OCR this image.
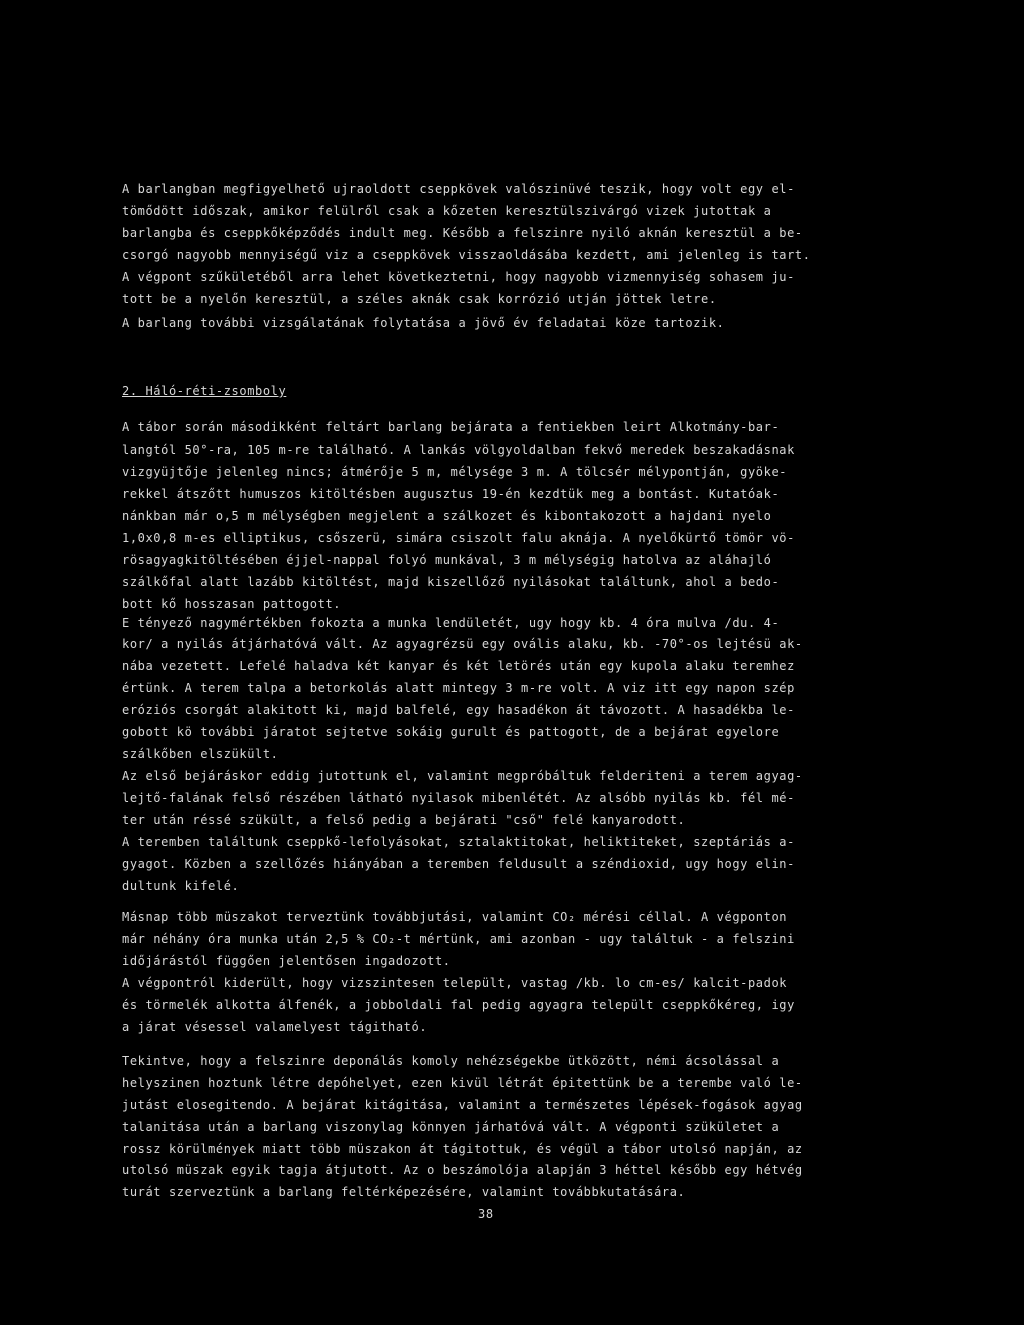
A barlangban megfigyelhető ujraoldott cseppkövek valószinüvé teszik, hogy volt egy el-
tömődött időszak, amikor felülről csak a kőzeten keresztülszivárgó vizek jutottak a
barlangba és cseppkőképződés indult meg. Később a felszinre nyiló aknán keresztül a be-
csorgó nagyobb mennyiségű viz a cseppkövek visszaoldásába kezdett, ami jelenleg is tart.
A végpont szűkületéből arra lehet következtetni, hogy nagyobb vizmennyiség sohasem ju-
tott be a nyelőn keresztül, a széles aknák csak korrózió utján jöttek letre.
A barlang további vizsgálatának folytatása a jövő év feladatai köze tartozik.
2. Háló-réti-zsomboly
A tábor során másodikként feltárt barlang bejárata a fentiekben leirt Alkotmány-bar-
langtól 50°-ra, 105 m-re található. A lankás völgyoldalban fekvő meredek beszakadásnak
vizgyüjtője jelenleg nincs; átmérője 5 m, mélysége 3 m. A tölcsér mélypontján, gyöke-
rekkel átszőtt humuszos kitöltésben augusztus 19-én kezdtük meg a bontást. Kutatóak-
nánkban már o,5 m mélységben megjelent a szálkozet és kibontakozott a hajdani nyelo
1,0x0,8 m-es elliptikus, csőszerü, simára csiszolt falu aknája. A nyelőkürtő tömör vö-
rösagyagkitöltésében éjjel-nappal folyó munkával, 3 m mélységig hatolva az aláhajló
szálkőfal alatt lazább kitöltést, majd kiszellőző nyilásokat találtunk, ahol a bedo-
bott kő hosszasan pattogott.
E tényező nagymértékben fokozta a munka lendületét, ugy hogy kb. 4 óra mulva /du. 4-
kor/ a nyilás átjárhatóvá vált. Az agyagrézsü egy ovális alaku, kb. -70°-os lejtésü ak-
nába vezetett. Lefelé haladva két kanyar és két letörés után egy kupola alaku teremhez
értünk. A terem talpa a betorkolás alatt mintegy 3 m-re volt. A viz itt egy napon szép
eróziós csorgát alakitott ki, majd balfelé, egy hasadékon át távozott. A hasadékba le-
gobott kö további járatot sejtetve sokáig gurult és pattogott, de a bejárat egyelore
szálkőben elszükült.
Az első bejáráskor eddig jutottunk el, valamint megpróbáltuk felderiteni a terem agyag-
lejtő-falának felső részében látható nyilasok mibenlétét. Az alsóbb nyilás kb. fél mé-
ter után réssé szükült, a felső pedig a bejárati "cső" felé kanyarodott.
A teremben találtunk cseppkő-lefolyásokat, sztalaktitokat, heliktiteket, szeptáriás a-
gyagot. Közben a szellőzés hiányában a teremben feldusult a széndioxid, ugy hogy elin-
dultunk kifelé.
Másnap több müszakot terveztünk továbbjutási, valamint CO₂ mérési céllal. A végponton
már néhány óra munka után 2,5 % CO₂-t mértünk, ami azonban - ugy találtuk - a felszini
időjárástól függően jelentősen ingadozott.
A végpontról kiderült, hogy vizszintesen települt, vastag /kb. lo cm-es/ kalcit-padok
és törmelék alkotta álfenék, a jobboldali fal pedig agyagra települt cseppkőkéreg, igy
a járat vésessel valamelyest tágitható.
Tekintve, hogy a felszinre deponálás komoly nehézségekbe ütközött, némi ácsolással a
helyszinen hoztunk létre depóhelyet, ezen kivül létrát épitettünk be a terembe való le-
jutást elosegitendo. A bejárat kitágitása, valamint a természetes lépések-fogások agyag
talanitása után a barlang viszonylag könnyen járhatóvá vált. A végponti szükületet a
rossz körülmények miatt több müszakon át tágitottuk, és végül a tábor utolsó napján, az
utolsó müszak egyik tagja átjutott. Az o beszámolója alapján 3 héttel később egy hétvég
turát szerveztünk a barlang feltérképezésére, valamint továbbkutatására.
38
